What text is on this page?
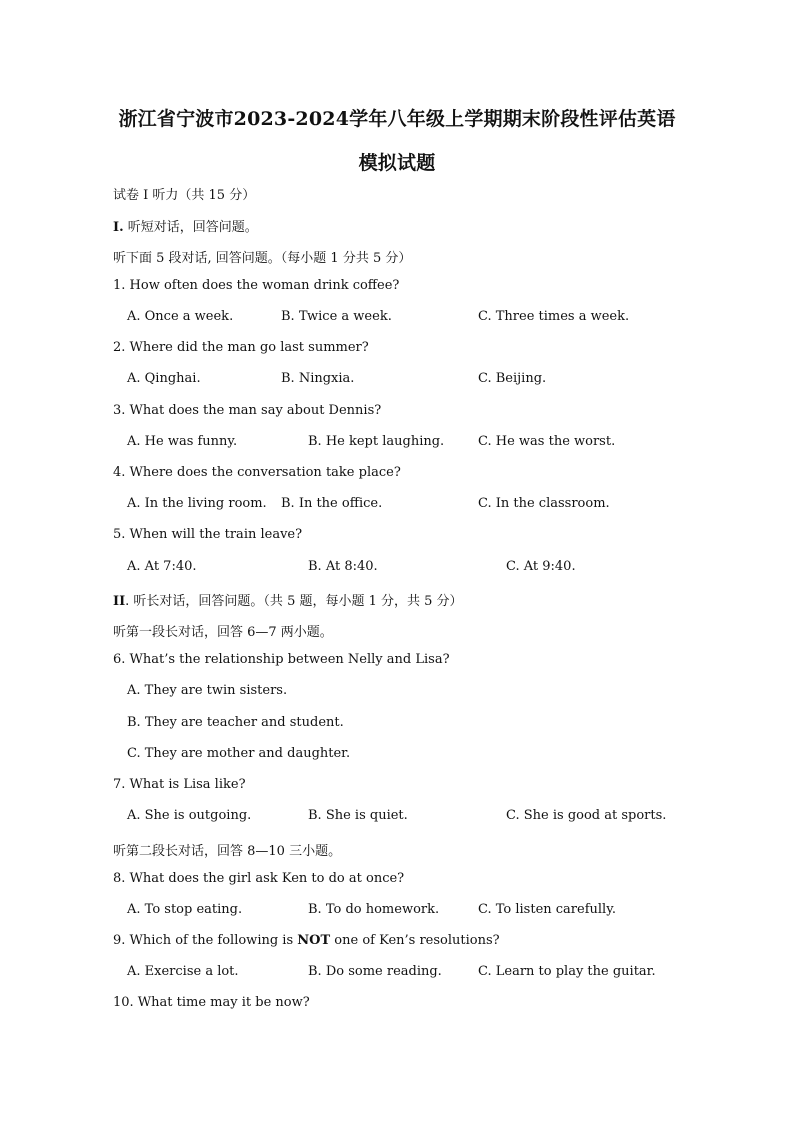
浙江省宁波市2023-2024学年八年级上学期期末阶段性评估英语
模拟试题
试卷 I 听力（共 15 分）
I. 听短对话，回答问题。
听下面 5 段对话, 回答问题。（每小题 1 分共 5 分）
1. How often does the woman drink coffee?
A. Once a week.	B. Twice a week.	C. Three times a week.
2. Where did the man go last summer?
A. Qinghai.	B. Ningxia.	C. Beijing.
3. What does the man say about Dennis?
A. He was funny.	B. He kept laughing.	C. He was the worst.
4. Where does the conversation take place?
A. In the living room. B. In the office.	C. In the classroom.
5. When will the train leave?
A. At 7:40.	B. At 8:40.	C. At 9:40.
II. 听长对话，回答问题。（共 5 题，每小题 1 分，共 5 分）
听第一段长对话，回答 6—7 两小题。
6. What’s the relationship between Nelly and Lisa?
A. They are twin sisters.
B. They are teacher and student.
C. They are mother and daughter.
7. What is Lisa like?
A. She is outgoing.	B. She is quiet.	C. She is good at sports.
听第二段长对话，回答 8—10 三小题。
8. What does the girl ask Ken to do at once?
A. To stop eating.	B. To do homework.	C. To listen carefully.
9. Which of the following is NOT one of Ken’s resolutions?
A. Exercise a lot.	B. Do some reading.	C. Learn to play the guitar.
10. What time may it be now?
